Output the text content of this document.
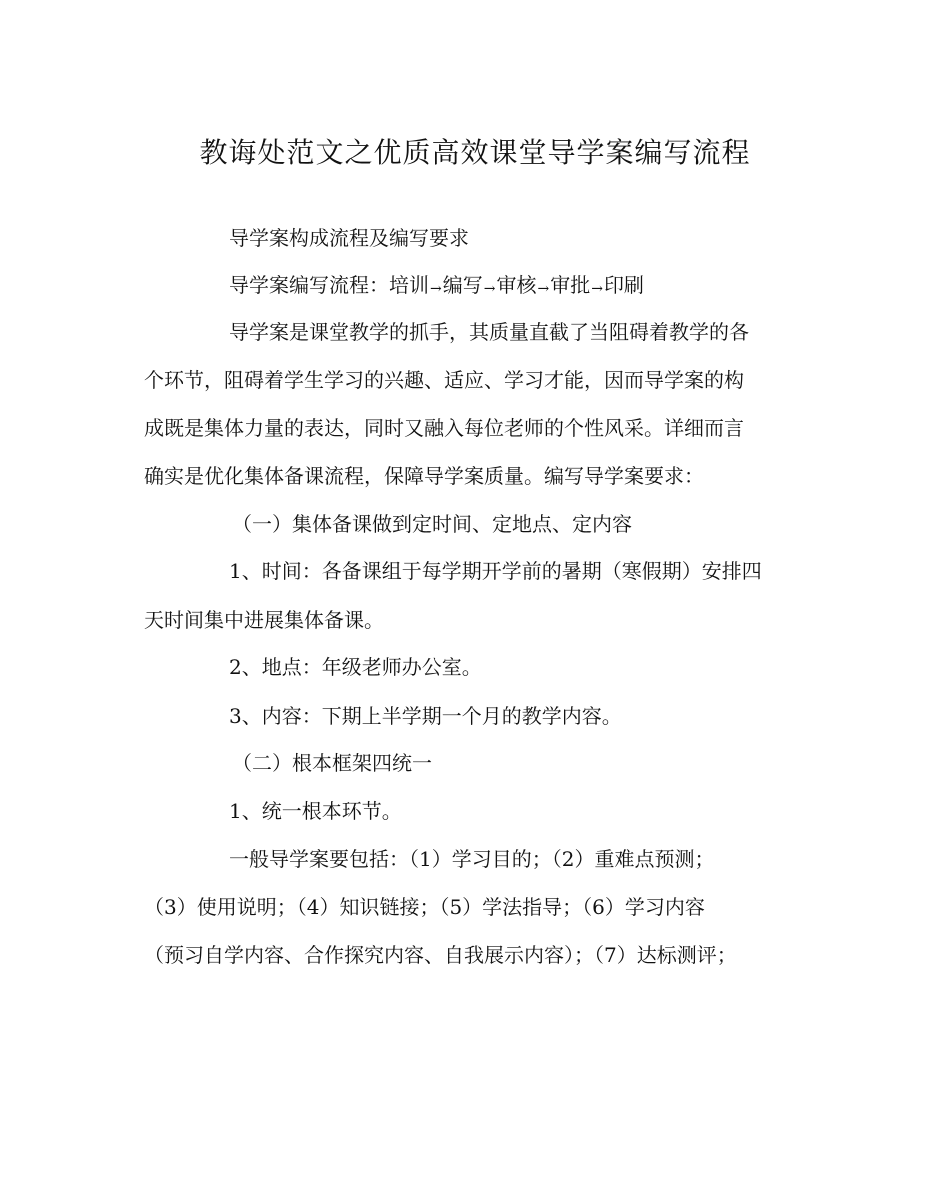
教诲处范文之优质高效课堂导学案编写流程
导学案构成流程及编写要求
导学案编写流程：培训→编写→审核→审批→印刷
导学案是课堂教学的抓手，其质量直截了当阻碍着教学的各
个环节，阻碍着学生学习的兴趣、适应、学习才能，因而导学案的构
成既是集体力量的表达，同时又融入每位老师的个性风采。详细而言
确实是优化集体备课流程，保障导学案质量。编写导学案要求：
（一）集体备课做到定时间、定地点、定内容
1、时间：各备课组于每学期开学前的暑期（寒假期）安排四
天时间集中进展集体备课。
2、地点：年级老师办公室。
3、内容：下期上半学期一个月的教学内容。
（二）根本框架四统一
1、统一根本环节。
一般导学案要包括：（1）学习目的；（2）重难点预测；
（3）使用说明；（4）知识链接；（5）学法指导；（6）学习内容
（预习自学内容、合作探究内容、自我展示内容）；（7）达标测评；
